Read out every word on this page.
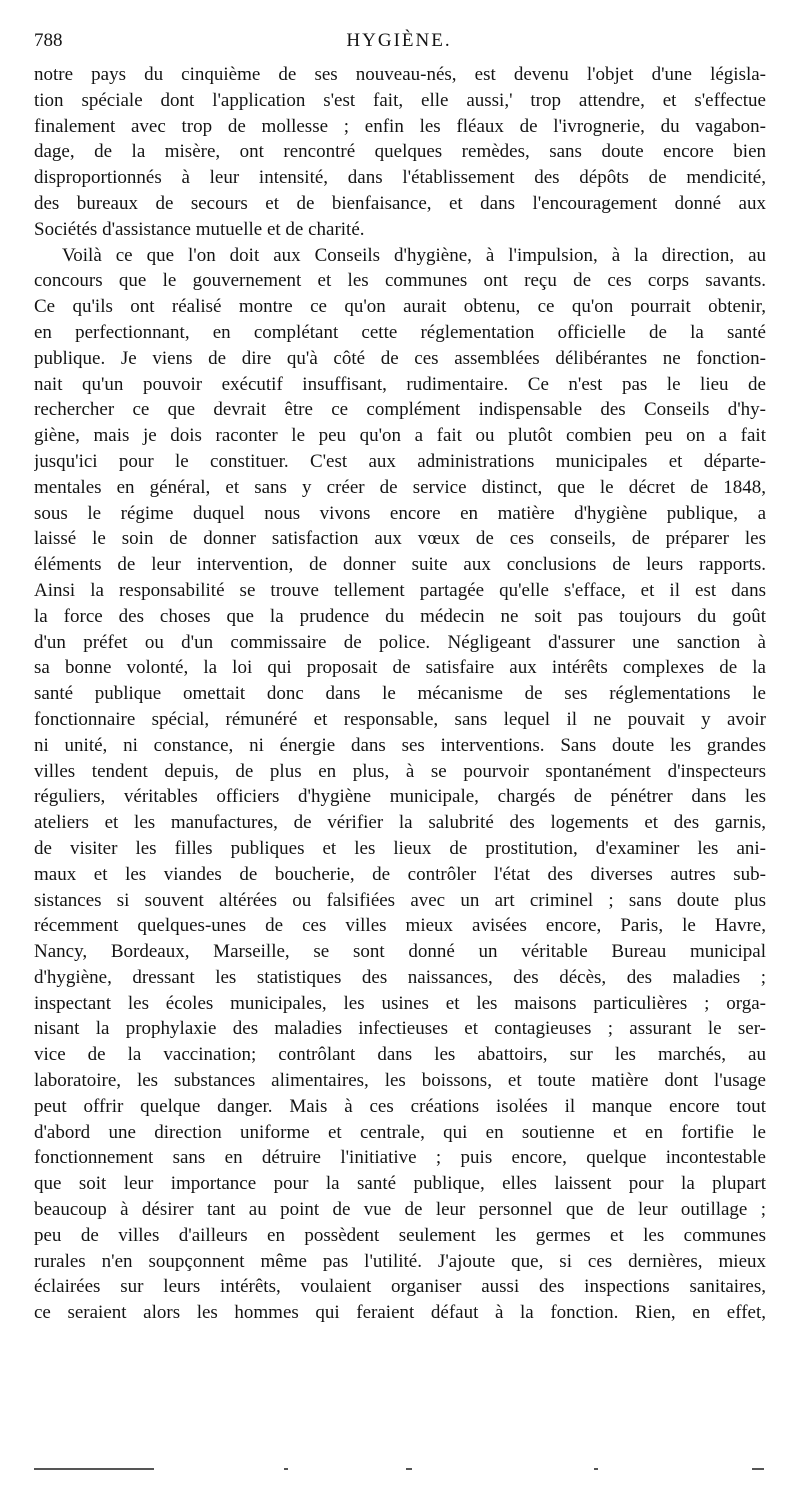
788	HYGIÈNE.
notre pays du cinquième de ses nouveau-nés, est devenu l'objet d'une législa-
tion spéciale dont l'application s'est fait, elle aussi,' trop attendre, et s'effectue
finalement avec trop de mollesse ; enfin les fléaux de l'ivrognerie, du vagabon-
dage, de la misère, ont rencontré quelques remèdes, sans doute encore bien
disproportionnés à leur intensité, dans l'établissement des dépôts de mendicité,
des bureaux de secours et de bienfaisance, et dans l'encouragement donné aux
Sociétés d'assistance mutuelle et de charité.
Voilà ce que l'on doit aux Conseils d'hygiène, à l'impulsion, à la direction, au
concours que le gouvernement et les communes ont reçu de ces corps savants.
Ce qu'ils ont réalisé montre ce qu'on aurait obtenu, ce qu'on pourrait obtenir,
en perfectionnant, en complétant cette réglementation officielle de la santé
publique. Je viens de dire qu'à côté de ces assemblées délibérantes ne fonction-
nait qu'un pouvoir exécutif insuffisant, rudimentaire. Ce n'est pas le lieu de
rechercher ce que devrait être ce complément indispensable des Conseils d'hy-
giène, mais je dois raconter le peu qu'on a fait ou plutôt combien peu on a fait
jusqu'ici pour le constituer. C'est aux administrations municipales et départe-
mentales en général, et sans y créer de service distinct, que le décret de 1848,
sous le régime duquel nous vivons encore en matière d'hygiène publique, a
laissé le soin de donner satisfaction aux vœux de ces conseils, de préparer les
éléments de leur intervention, de donner suite aux conclusions de leurs rapports.
Ainsi la responsabilité se trouve tellement partagée qu'elle s'efface, et il est dans
la force des choses que la prudence du médecin ne soit pas toujours du goût
d'un préfet ou d'un commissaire de police. Négligeant d'assurer une sanction à
sa bonne volonté, la loi qui proposait de satisfaire aux intérêts complexes de la
santé publique omettait donc dans le mécanisme de ses réglementations le
fonctionnaire spécial, rémunéré et responsable, sans lequel il ne pouvait y avoir
ni unité, ni constance, ni énergie dans ses interventions. Sans doute les grandes
villes tendent depuis, de plus en plus, à se pourvoir spontanément d'inspecteurs
réguliers, véritables officiers d'hygiène municipale, chargés de pénétrer dans les
ateliers et les manufactures, de vérifier la salubrité des logements et des garnis,
de visiter les filles publiques et les lieux de prostitution, d'examiner les ani-
maux et les viandes de boucherie, de contrôler l'état des diverses autres sub-
sistances si souvent altérées ou falsifiées avec un art criminel ; sans doute plus
récemment quelques-unes de ces villes mieux avisées encore, Paris, le Havre,
Nancy, Bordeaux, Marseille, se sont donné un véritable Bureau municipal
d'hygiène, dressant les statistiques des naissances, des décès, des maladies ;
inspectant les écoles municipales, les usines et les maisons particulières ; orga-
nisant la prophylaxie des maladies infectieuses et contagieuses ; assurant le ser-
vice de la vaccination; contrôlant dans les abattoirs, sur les marchés, au
laboratoire, les substances alimentaires, les boissons, et toute matière dont l'usage
peut offrir quelque danger. Mais à ces créations isolées il manque encore tout
d'abord une direction uniforme et centrale, qui en soutienne et en fortifie le
fonctionnement sans en détruire l'initiative ; puis encore, quelque incontestable
que soit leur importance pour la santé publique, elles laissent pour la plupart
beaucoup à désirer tant au point de vue de leur personnel que de leur outillage ;
peu de villes d'ailleurs en possèdent seulement les germes et les communes
rurales n'en soupçonnent même pas l'utilité. J'ajoute que, si ces dernières, mieux
éclairées sur leurs intérêts, voulaient organiser aussi des inspections sanitaires,
ce seraient alors les hommes qui feraient défaut à la fonction. Rien, en effet,
